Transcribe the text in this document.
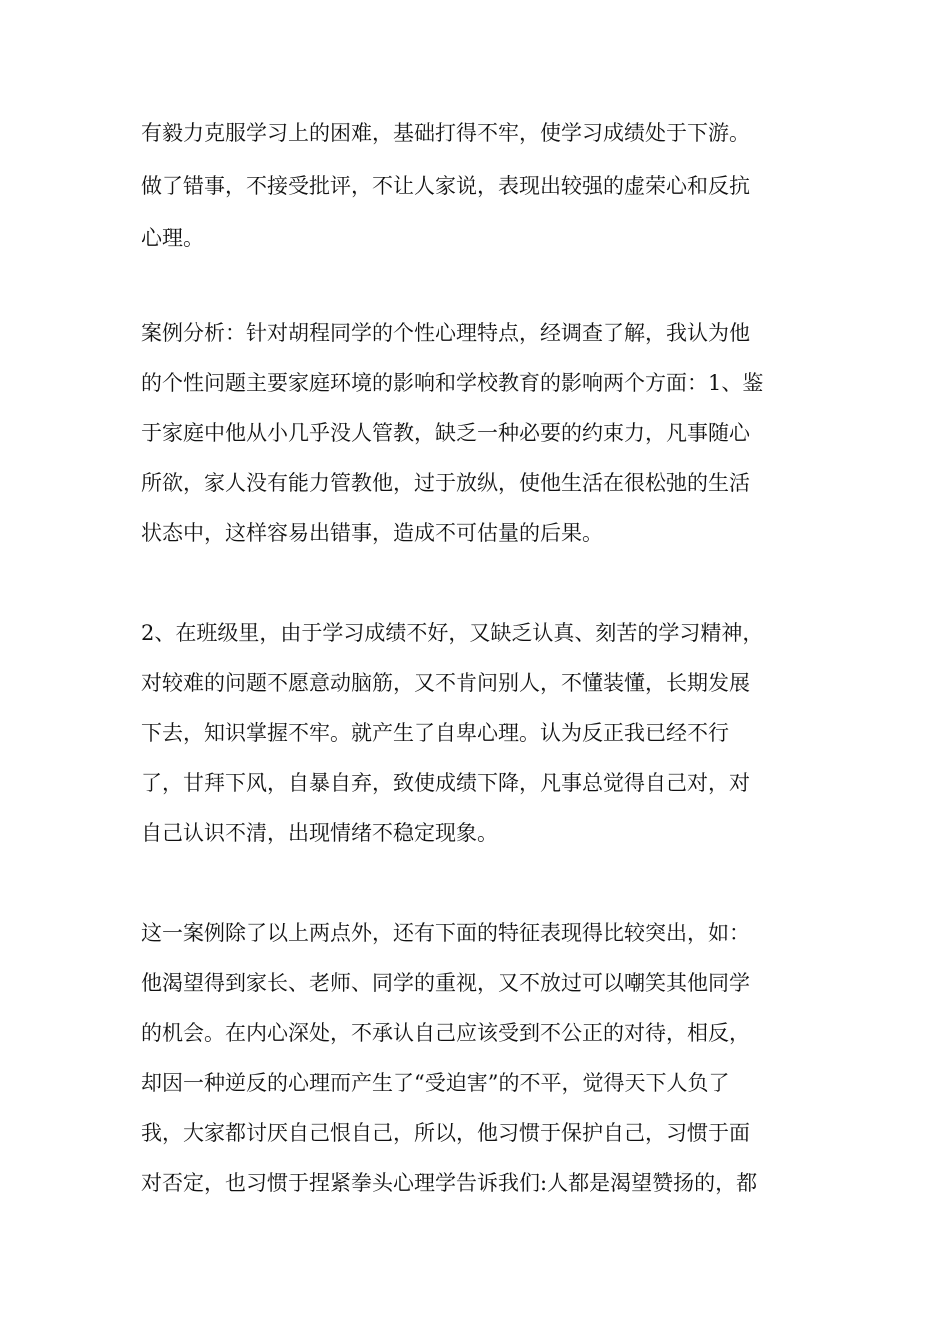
有毅力克服学习上的困难，基础打得不牢，使学习成绩处于下游。
做了错事，不接受批评，不让人家说，表现出较强的虚荣心和反抗
心理。
案例分析：针对胡程同学的个性心理特点，经调查了解，我认为他
的个性问题主要家庭环境的影响和学校教育的影响两个方面：1、鉴
于家庭中他从小几乎没人管教，缺乏一种必要的约束力，凡事随心
所欲，家人没有能力管教他，过于放纵，使他生活在很松弛的生活
状态中，这样容易出错事，造成不可估量的后果。
2、在班级里，由于学习成绩不好，又缺乏认真、刻苦的学习精神，
对较难的问题不愿意动脑筋，又不肯问别人，不懂装懂，长期发展
下去，知识掌握不牢。就产生了自卑心理。认为反正我已经不行
了，甘拜下风，自暴自弃，致使成绩下降，凡事总觉得自己对，对
自己认识不清，出现情绪不稳定现象。
这一案例除了以上两点外，还有下面的特征表现得比较突出，如：
他渴望得到家长、老师、同学的重视，又不放过可以嘲笑其他同学
的机会。在内心深处，不承认自己应该受到不公正的对待，相反，
却因一种逆反的心理而产生了“受迫害”的不平，觉得天下人负了
我，大家都讨厌自己恨自己，所以，他习惯于保护自己，习惯于面
对否定，也习惯于捏紧拳头心理学告诉我们:人都是渴望赞扬的，都
